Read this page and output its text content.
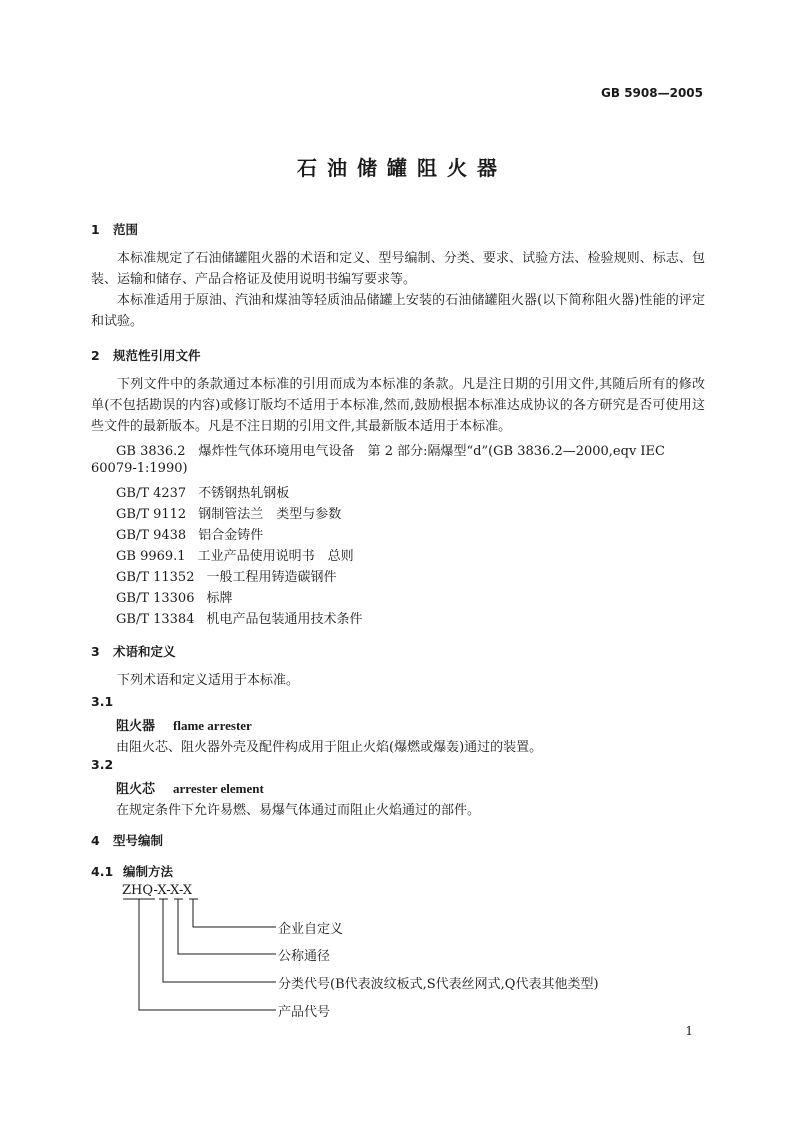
GB 5908—2005
石油储罐阻火器
1 范围
本标准规定了石油储罐阻火器的术语和定义、型号编制、分类、要求、试验方法、检验规则、标志、包装、运输和储存、产品合格证及使用说明书编写要求等。
本标准适用于原油、汽油和煤油等轻质油品储罐上安装的石油储罐阻火器(以下简称阻火器)性能的评定和试验。
2 规范性引用文件
下列文件中的条款通过本标准的引用而成为本标准的条款。凡是注日期的引用文件,其随后所有的修改单(不包括勘误的内容)或修订版均不适用于本标准,然而,鼓励根据本标准达成协议的各方研究是否可使用这些文件的最新版本。凡是不注日期的引用文件,其最新版本适用于本标准。
GB 3836.2　爆炸性气体环境用电气设备　第 2 部分:隔爆型“d”(GB 3836.2—2000,eqv IEC
60079-1:1990)
GB/T 4237 不锈钢热轧钢板
GB/T 9112 钢制管法兰　类型与参数
GB/T 9438 铝合金铸件
GB 9969.1 工业产品使用说明书　总则
GB/T 11352 一般工程用铸造碳钢件
GB/T 13306 标牌
GB/T 13384 机电产品包装通用技术条件
3 术语和定义
下列术语和定义适用于本标准。
3.1
阻火器 flame arrester
由阻火芯、阻火器外壳及配件构成用于阻止火焰(爆燃或爆轰)通过的装置。
3.2
阻火芯 arrester element
在规定条件下允许易燃、易爆气体通过而阻止火焰通过的部件。
4 型号编制
4.1 编制方法
ZHQ-X-X-X
企业自定义
公称通径
分类代号(B代表波纹板式,S代表丝网式,Q代表其他类型)
产品代号
1
